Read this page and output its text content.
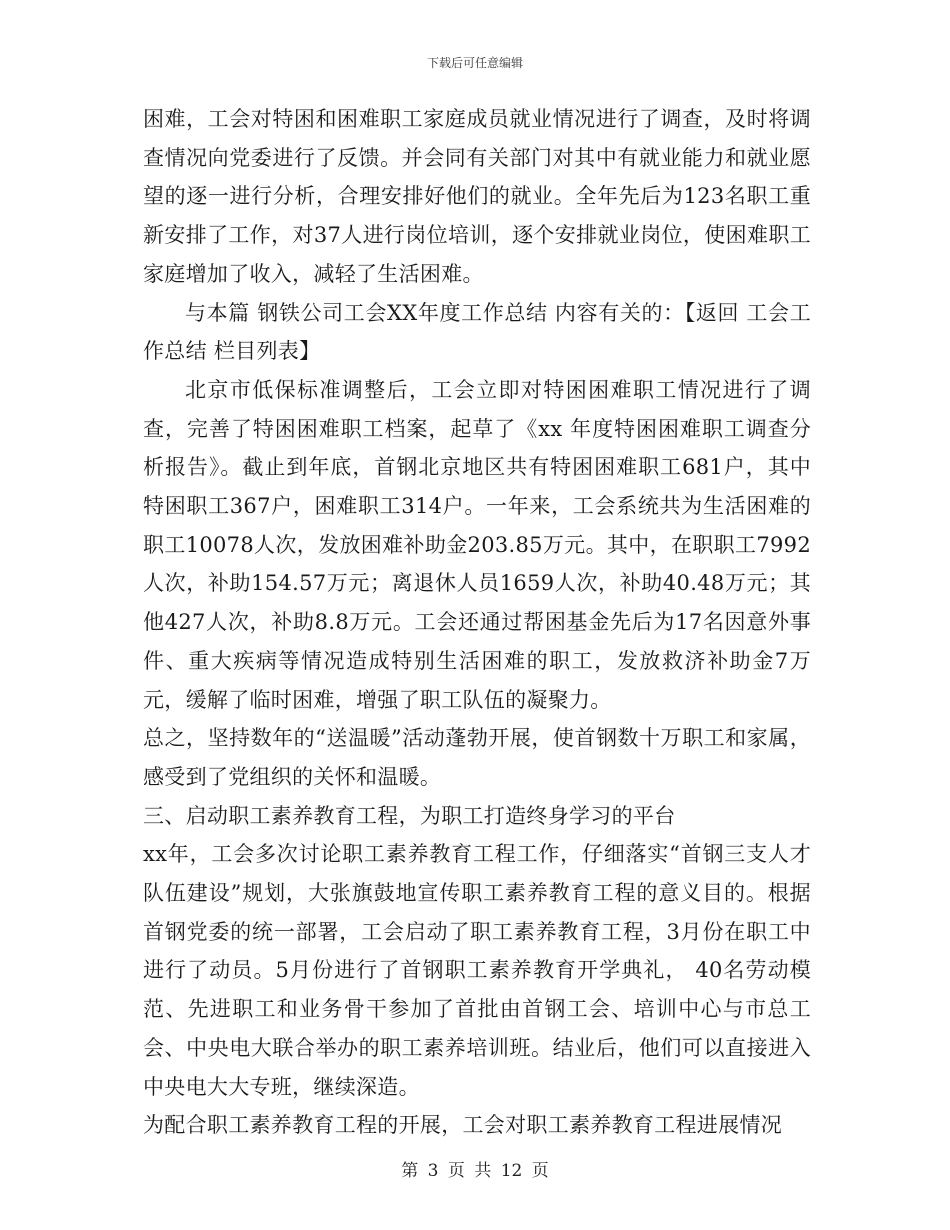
下载后可任意编辑

困难，工会对特困和困难职工家庭成员就业情况进行了调查，及时将调查情况向党委进行了反馈。并会同有关部门对其中有就业能力和就业愿望的逐一进行分析，合理安排好他们的就业。全年先后为123名职工重新安排了工作，对37人进行岗位培训，逐个安排就业岗位，使困难职工家庭增加了收入，减轻了生活困难。

与本篇 钢铁公司工会XX年度工作总结 内容有关的：【返回 工会工作总结 栏目列表】

北京市低保标准调整后，工会立即对特困困难职工情况进行了调查，完善了特困困难职工档案，起草了《xx 年度特困困难职工调查分析报告》。截止到年底，首钢北京地区共有特困困难职工681户，其中特困职工367户，困难职工314户。一年来，工会系统共为生活困难的职工10078人次，发放困难补助金203.85万元。其中，在职职工7992人次，补助154.57万元；离退休人员1659人次，补助40.48万元；其他427人次，补助8.8万元。工会还通过帮困基金先后为17名因意外事件、重大疾病等情况造成特别生活困难的职工，发放救济补助金7万元，缓解了临时困难，增强了职工队伍的凝聚力。

总之，坚持数年的“送温暖”活动蓬勃开展，使首钢数十万职工和家属，感受到了党组织的关怀和温暖。

三、启动职工素养教育工程，为职工打造终身学习的平台

xx年，工会多次讨论职工素养教育工程工作，仔细落实“首钢三支人才队伍建设”规划，大张旗鼓地宣传职工素养教育工程的意义目的。根据首钢党委的统一部署，工会启动了职工素养教育工程，3月份在职工中进行了动员。5月份进行了首钢职工素养教育开学典礼， 40名劳动模范、先进职工和业务骨干参加了首批由首钢工会、培训中心与市总工会、中央电大联合举办的职工素养培训班。结业后，他们可以直接进入中央电大大专班，继续深造。

为配合职工素养教育工程的开展，工会对职工素养教育工程进展情况

第 3 页 共 12 页
